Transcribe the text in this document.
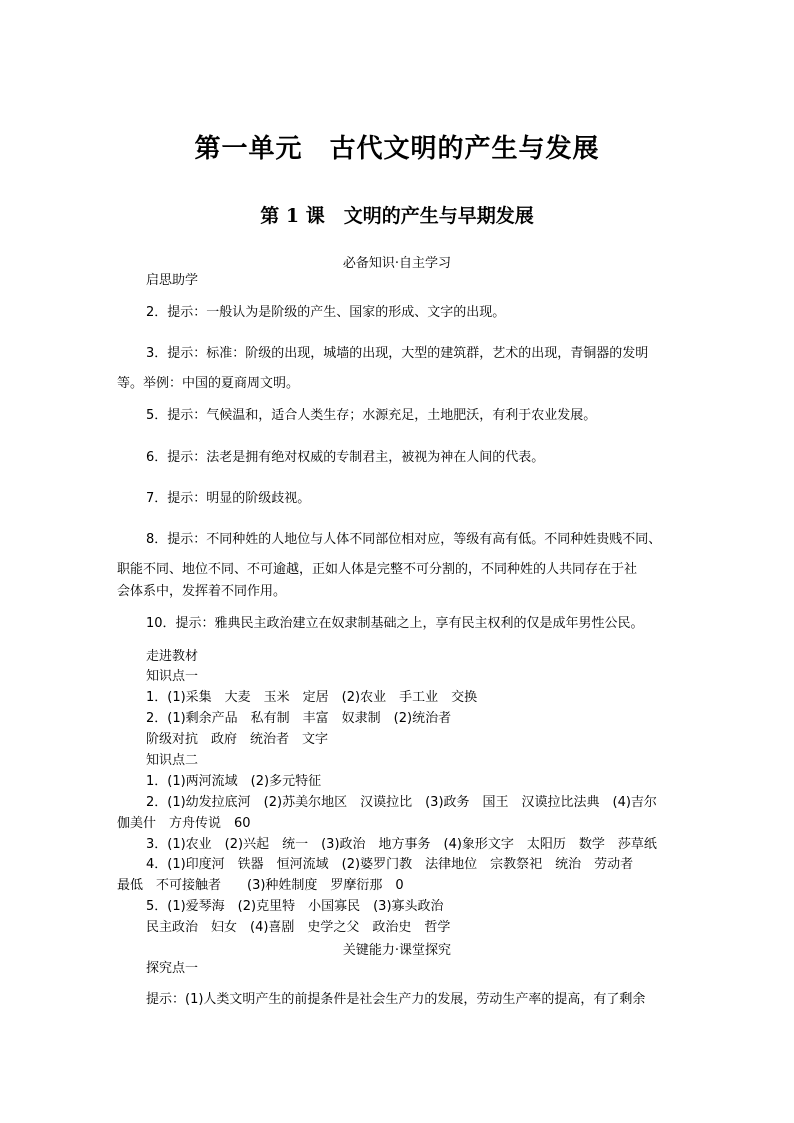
第一单元　古代文明的产生与发展
第 1 课　文明的产生与早期发展
必备知识·自主学习
启思助学
2．提示：一般认为是阶级的产生、国家的形成、文字的出现。
3．提示：标准：阶级的出现，城墙的出现，大型的建筑群，艺术的出现，青铜器的发明
等。举例：中国的夏商周文明。
5．提示：气候温和，适合人类生存；水源充足，土地肥沃，有利于农业发展。
6．提示：法老是拥有绝对权威的专制君主，被视为神在人间的代表。
7．提示：明显的阶级歧视。
8．提示：不同种姓的人地位与人体不同部位相对应，等级有高有低。不同种姓贵贱不同、
职能不同、地位不同、不可逾越，正如人体是完整不可分割的，不同种姓的人共同存在于社
会体系中，发挥着不同作用。
10．提示：雅典民主政治建立在奴隶制基础之上，享有民主权利的仅是成年男性公民。
走进教材
知识点一
1．(1)采集　大麦　玉米　定居　(2)农业　手工业　交换
2．(1)剩余产品　私有制　丰富　奴隶制　(2)统治者
阶级对抗　政府　统治者　文字
知识点二
1．(1)两河流域　(2)多元特征
2．(1)幼发拉底河　(2)苏美尔地区　汉谟拉比　(3)政务　国王　汉谟拉比法典　(4)吉尔
伽美什　方舟传说　60
3．(1)农业　(2)兴起　统一　(3)政治　地方事务　(4)象形文字　太阳历　数学　莎草纸
4．(1)印度河　铁器　恒河流域　(2)婆罗门教　法律地位　宗教祭祀　统治　劳动者
最低　不可接触者　　(3)种姓制度　罗摩衍那　0
5．(1)爱琴海　(2)克里特　小国寡民　(3)寡头政治
民主政治　妇女　(4)喜剧　史学之父　政治史　哲学
关键能力·课堂探究
探究点一
提示：(1)人类文明产生的前提条件是社会生产力的发展，劳动生产率的提高，有了剩余
